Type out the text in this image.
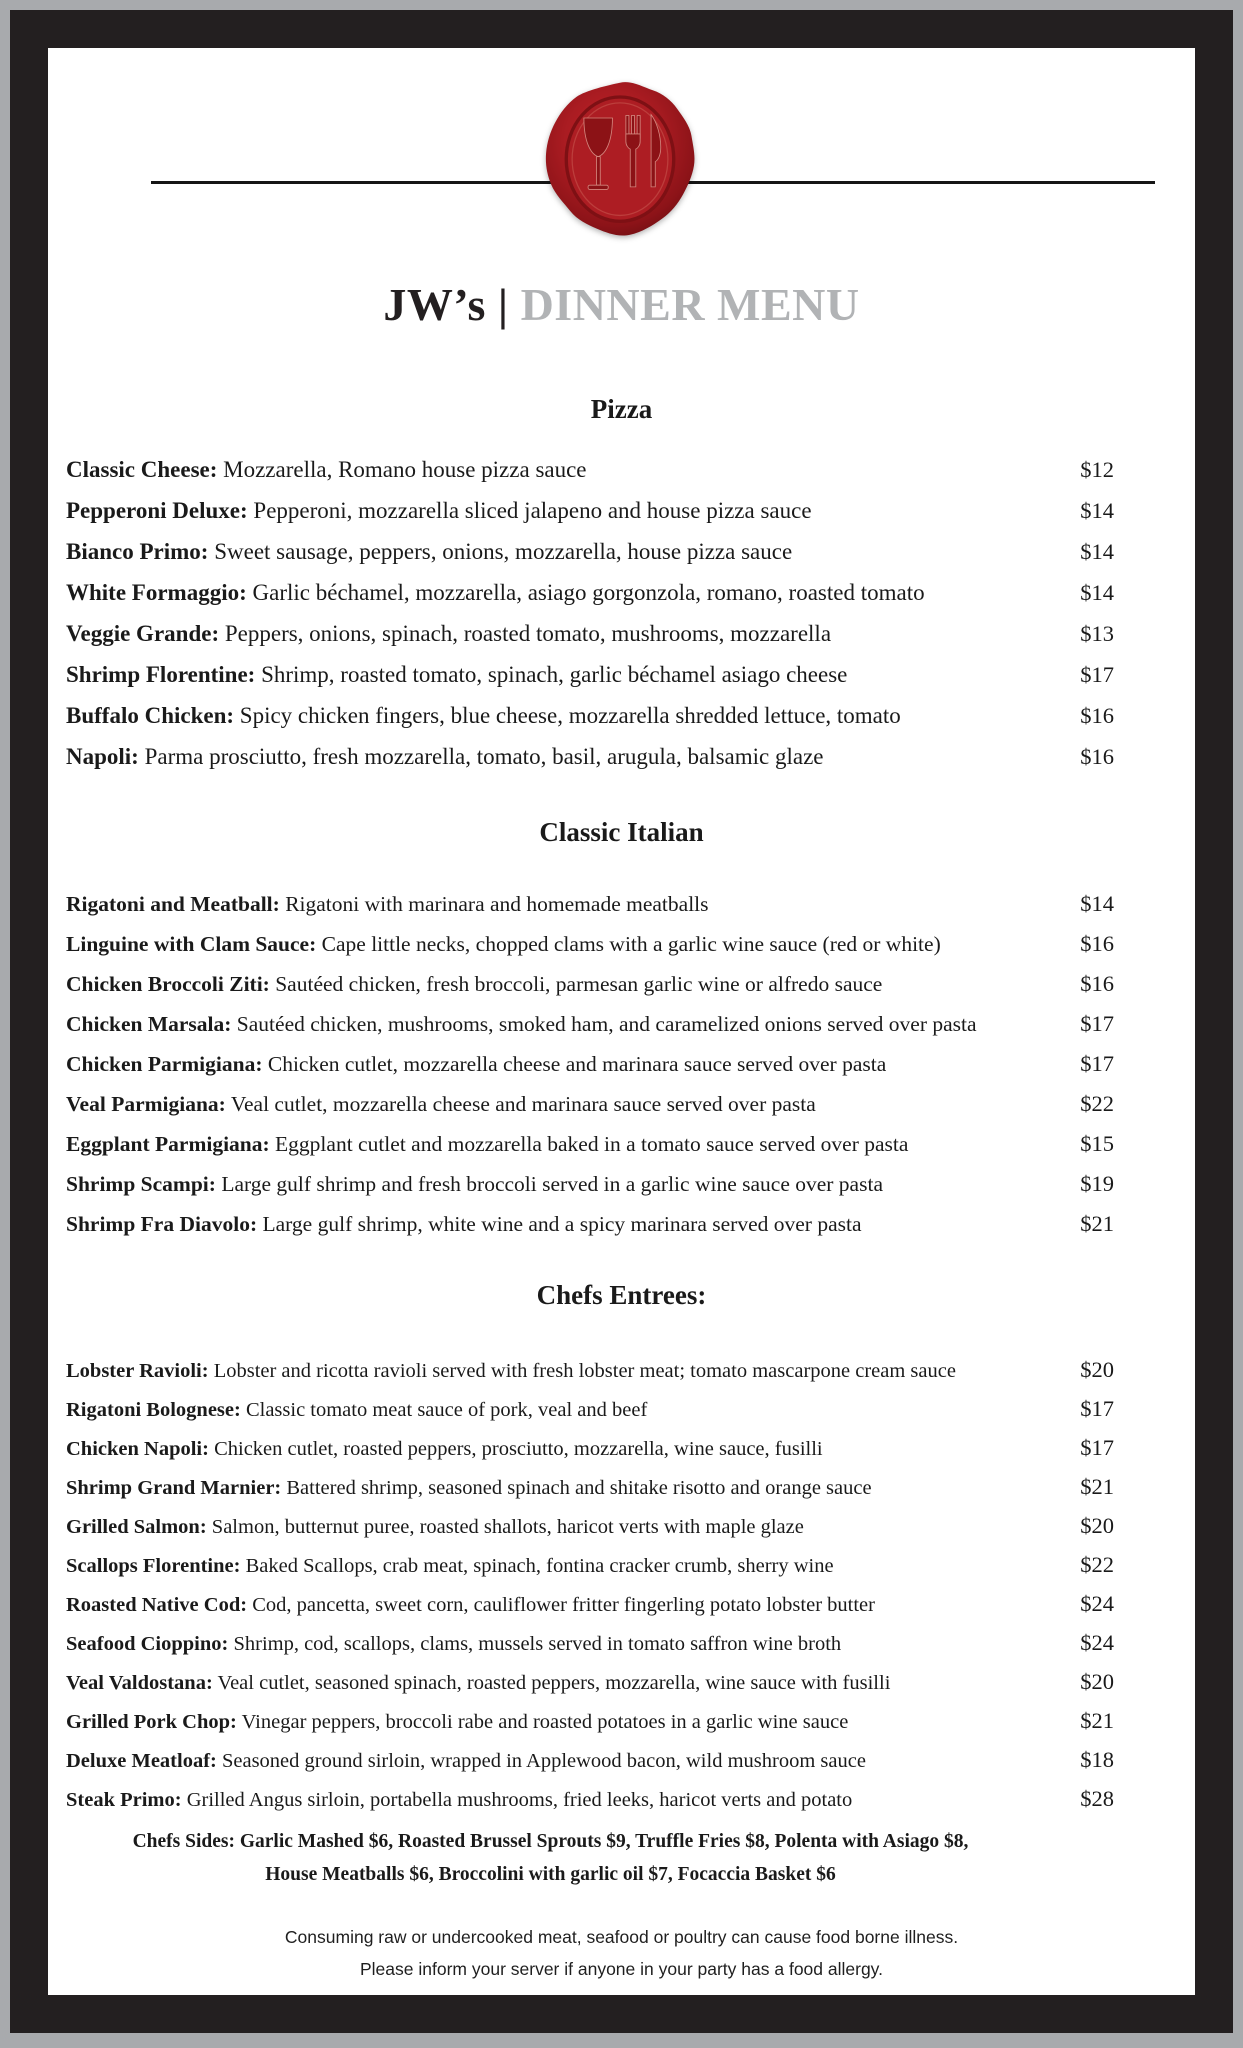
JW’s | DINNER MENU
Pizza
Classic Cheese: Mozzarella, Romano house pizza sauce	$12
Pepperoni Deluxe: Pepperoni, mozzarella sliced jalapeno and house pizza sauce	$14
Bianco Primo: Sweet sausage, peppers, onions, mozzarella, house pizza sauce	$14
White Formaggio: Garlic béchamel, mozzarella, asiago gorgonzola, romano, roasted tomato	$14
Veggie Grande: Peppers, onions, spinach, roasted tomato, mushrooms, mozzarella	$13
Shrimp Florentine: Shrimp, roasted tomato, spinach, garlic béchamel asiago cheese	$17
Buffalo Chicken: Spicy chicken fingers, blue cheese, mozzarella shredded lettuce, tomato	$16
Napoli: Parma prosciutto, fresh mozzarella, tomato, basil, arugula, balsamic glaze	$16
Classic Italian
Rigatoni and Meatball: Rigatoni with marinara and homemade meatballs	$14
Linguine with Clam Sauce: Cape little necks, chopped clams with a garlic wine sauce (red or white)	$16
Chicken Broccoli Ziti: Sautéed chicken, fresh broccoli, parmesan garlic wine or alfredo sauce	$16
Chicken Marsala: Sautéed chicken, mushrooms, smoked ham, and caramelized onions served over pasta	$17
Chicken Parmigiana: Chicken cutlet, mozzarella cheese and marinara sauce served over pasta	$17
Veal Parmigiana: Veal cutlet, mozzarella cheese and marinara sauce served over pasta	$22
Eggplant Parmigiana: Eggplant cutlet and mozzarella baked in a tomato sauce served over pasta	$15
Shrimp Scampi: Large gulf shrimp and fresh broccoli served in a garlic wine sauce over pasta	$19
Shrimp Fra Diavolo: Large gulf shrimp, white wine and a spicy marinara served over pasta	$21
Chefs Entrees:
Lobster Ravioli: Lobster and ricotta ravioli served with fresh lobster meat; tomato mascarpone cream sauce	$20
Rigatoni Bolognese: Classic tomato meat sauce of pork, veal and beef	$17
Chicken Napoli: Chicken cutlet, roasted peppers, prosciutto, mozzarella, wine sauce, fusilli	$17
Shrimp Grand Marnier: Battered shrimp, seasoned spinach and shitake risotto and orange sauce	$21
Grilled Salmon: Salmon, butternut puree, roasted shallots, haricot verts with maple glaze	$20
Scallops Florentine: Baked Scallops, crab meat, spinach, fontina cracker crumb, sherry wine	$22
Roasted Native Cod: Cod, pancetta, sweet corn, cauliflower fritter fingerling potato lobster butter	$24
Seafood Cioppino: Shrimp, cod, scallops, clams, mussels served in tomato saffron wine broth	$24
Veal Valdostana: Veal cutlet, seasoned spinach, roasted peppers, mozzarella, wine sauce with fusilli	$20
Grilled Pork Chop: Vinegar peppers, broccoli rabe and roasted potatoes in a garlic wine sauce	$21
Deluxe Meatloaf: Seasoned ground sirloin, wrapped in Applewood bacon, wild mushroom sauce	$18
Steak Primo: Grilled Angus sirloin, portabella mushrooms, fried leeks, haricot verts and potato	$28
Chefs Sides: Garlic Mashed $6, Roasted Brussel Sprouts $9, Truffle Fries $8, Polenta with Asiago $8,
House Meatballs $6, Broccolini with garlic oil $7, Focaccia Basket $6
Consuming raw or undercooked meat, seafood or poultry can cause food borne illness.
Please inform your server if anyone in your party has a food allergy.
